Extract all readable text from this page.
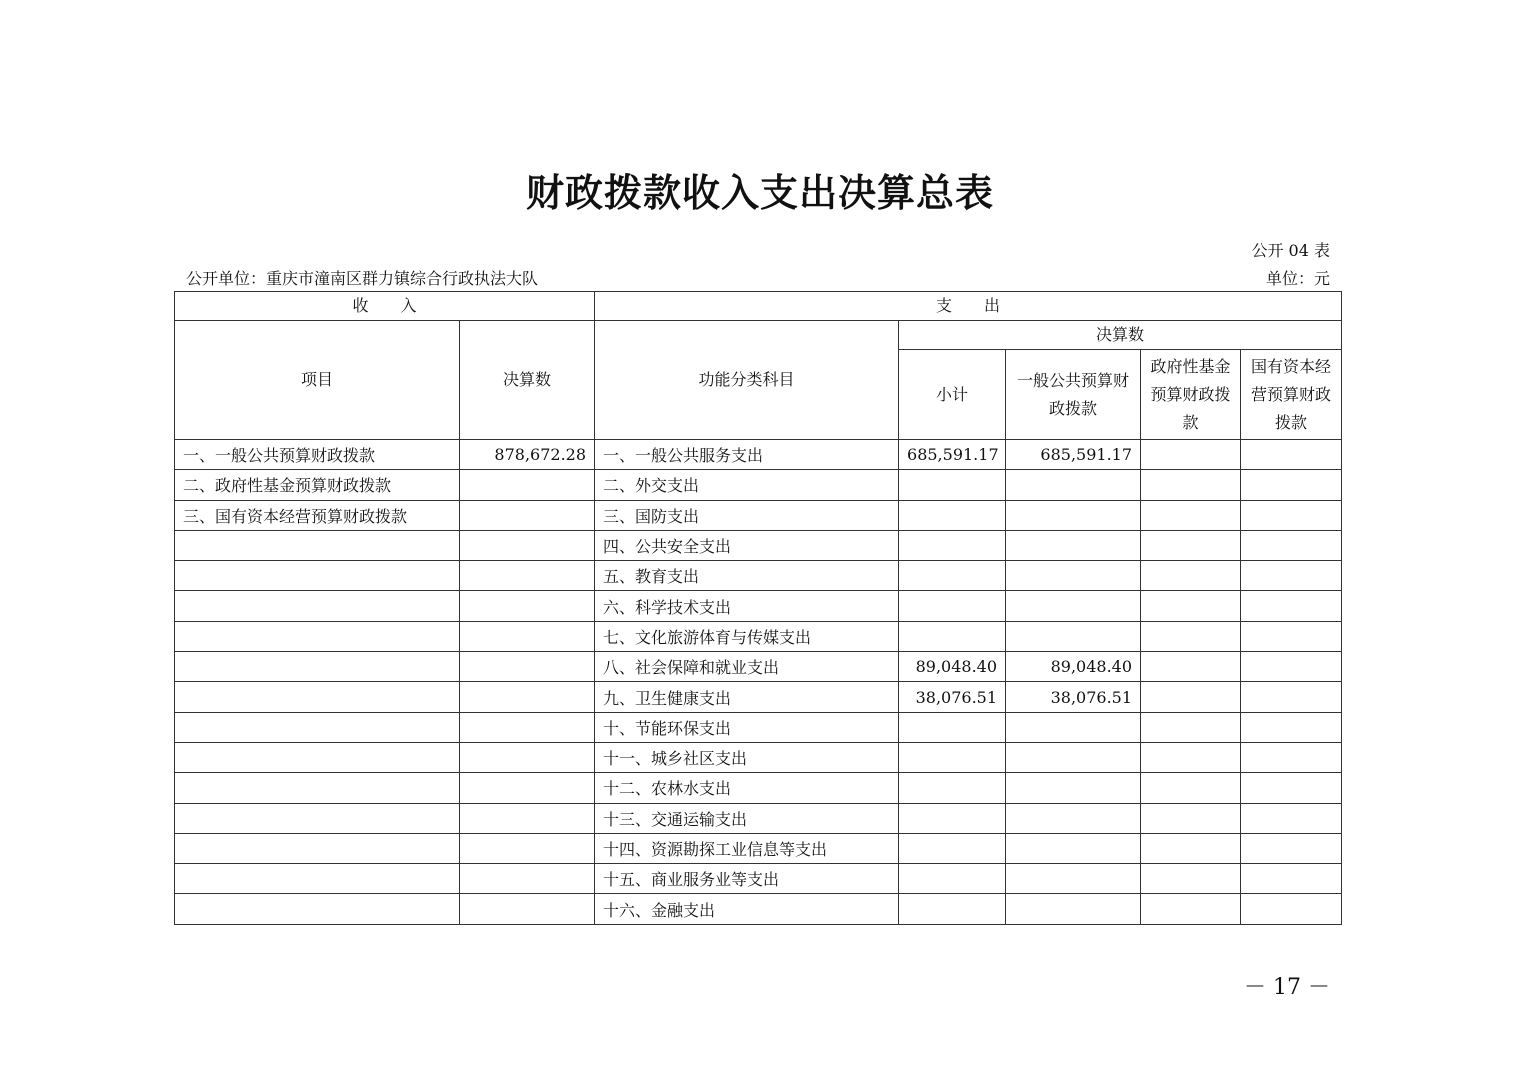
财政拨款收入支出决算总表
公开 04 表
公开单位：重庆市潼南区群力镇综合行政执法大队	单位：元
收　　入		支　　出				
项目	决算数	功能分类科目	决算数			
			小计	一般公共预算财政拨款	政府性基金预算财政拨款	国有资本经营预算财政拨款
一、一般公共预算财政拨款	878,672.28	一、一般公共服务支出	685,591.17	685,591.17		
二、政府性基金预算财政拨款		二、外交支出				
三、国有资本经营预算财政拨款		三、国防支出				
		四、公共安全支出				
		五、教育支出				
		六、科学技术支出				
		七、文化旅游体育与传媒支出				
		八、社会保障和就业支出	89,048.40	89,048.40		
		九、卫生健康支出	38,076.51	38,076.51		
		十、节能环保支出				
		十一、城乡社区支出				
		十二、农林水支出				
		十三、交通运输支出				
		十四、资源勘探工业信息等支出				
		十五、商业服务业等支出				
		十六、金融支出				
－ 17 －
